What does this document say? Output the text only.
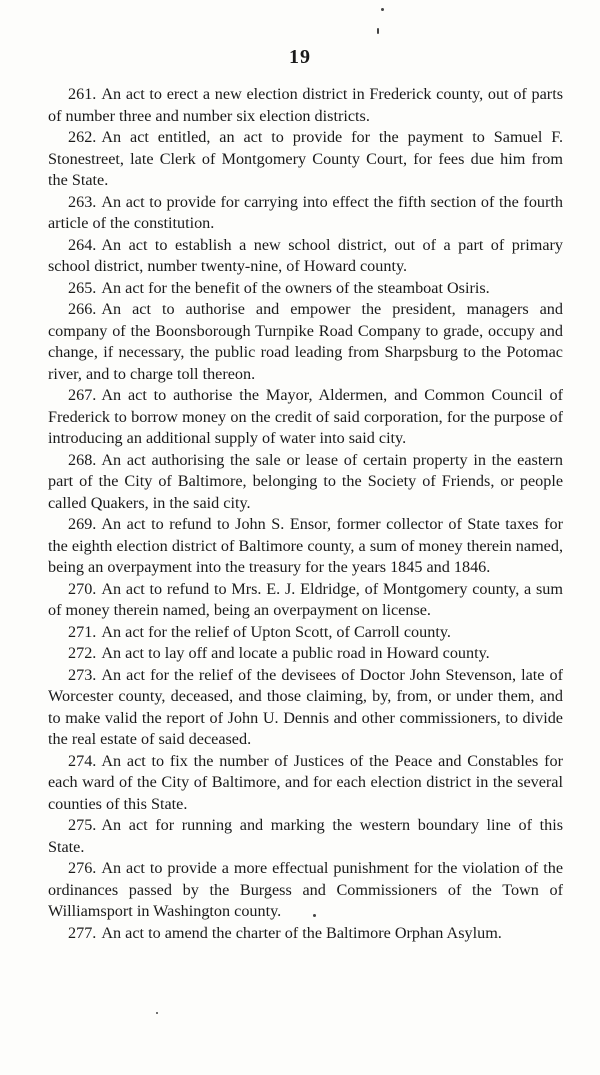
19

261. An act to erect a new election district in Frederick county, out of parts of number three and number six election districts.

262. An act entitled, an act to provide for the payment to Samuel F. Stonestreet, late Clerk of Montgomery County Court, for fees due him from the State.

263. An act to provide for carrying into effect the fifth section of the fourth article of the constitution.

264. An act to establish a new school district, out of a part of primary school district, number twenty-nine, of Howard county.

265. An act for the benefit of the owners of the steamboat Osiris.

266. An act to authorise and empower the president, managers and company of the Boonsborough Turnpike Road Company to grade, occupy and change, if necessary, the public road leading from Sharpsburg to the Potomac river, and to charge toll thereon.

267. An act to authorise the Mayor, Aldermen, and Common Council of Frederick to borrow money on the credit of said corporation, for the purpose of introducing an additional supply of water into said city.

268. An act authorising the sale or lease of certain property in the eastern part of the City of Baltimore, belonging to the Society of Friends, or people called Quakers, in the said city.

269. An act to refund to John S. Ensor, former collector of State taxes for the eighth election district of Baltimore county, a sum of money therein named, being an overpayment into the treasury for the years 1845 and 1846.

270. An act to refund to Mrs. E. J. Eldridge, of Montgomery county, a sum of money therein named, being an overpayment on license.

271. An act for the relief of Upton Scott, of Carroll county.

272. An act to lay off and locate a public road in Howard county.

273. An act for the relief of the devisees of Doctor John Stevenson, late of Worcester county, deceased, and those claiming, by, from, or under them, and to make valid the report of John U. Dennis and other commissioners, to divide the real estate of said deceased.

274. An act to fix the number of Justices of the Peace and Constables for each ward of the City of Baltimore, and for each election district in the several counties of this State.

275. An act for running and marking the western boundary line of this State.

276. An act to provide a more effectual punishment for the violation of the ordinances passed by the Burgess and Commissioners of the Town of Williamsport in Washington county.

277. An act to amend the charter of the Baltimore Orphan Asylum.
